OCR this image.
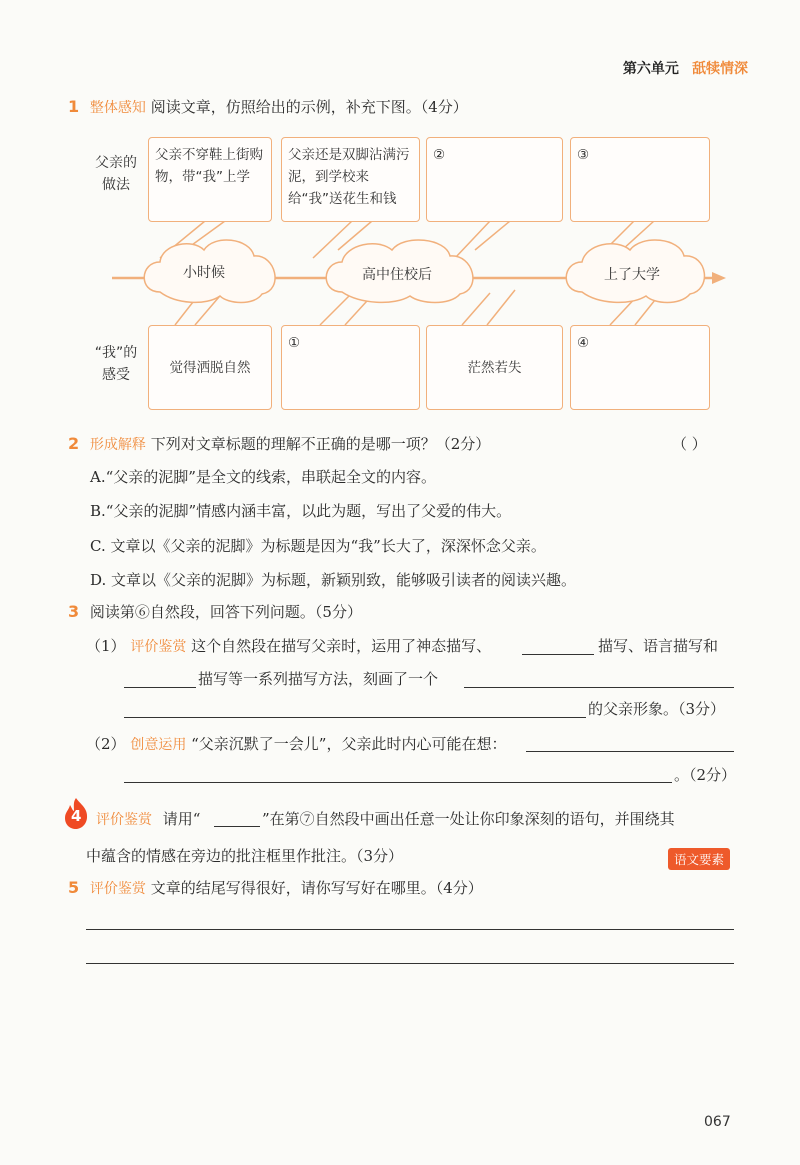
第六单元 舐犊情深
1 整体感知 阅读文章，仿照给出的示例，补充下图。（4分）
父亲的
做法
“我”的
感受
小时候	高中住校后	上了大学
父亲不穿鞋上街购物，带“我”上学
父亲还是双脚沾满污泥，到学校来给“我”送花生和钱
②	③
觉得洒脱自然
①
茫然若失
④
2 形成解释 下列对文章标题的理解不正确的是哪一项？（2分）	（ ）
A.“父亲的泥脚”是全文的线索，串联起全文的内容。
B.“父亲的泥脚”情感内涵丰富，以此为题，写出了父爱的伟大。
C. 文章以《父亲的泥脚》为标题是因为“我”长大了，深深怀念父亲。
D. 文章以《父亲的泥脚》为标题，新颖别致，能够吸引读者的阅读兴趣。
3 阅读第⑥自然段，回答下列问题。（5分）
（1） 评价鉴赏 这个自然段在描写父亲时，运用了神态描写、	描写、语言描写和
描写等一系列描写方法，刻画了一个
的父亲形象。（3分）
（2） 创意运用 “父亲沉默了一会儿”，父亲此时内心可能在想：
。（2分）
4 评价鉴赏 请用“	”在第⑦自然段中画出任意一处让你印象深刻的语句，并围绕其
中蕴含的情感在旁边的批注框里作批注。（3分）	语文要素
5 评价鉴赏 文章的结尾写得很好，请你写写好在哪里。（4分）
067
